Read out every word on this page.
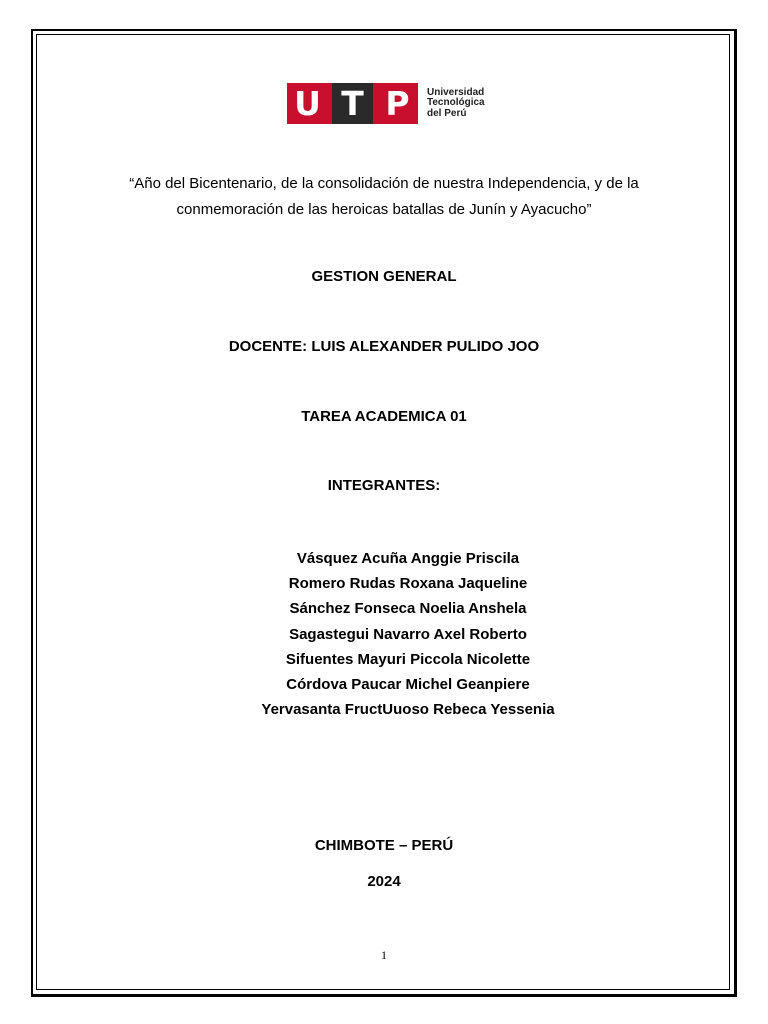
U T P	Universidad
Tecnológica
del Perú
“Año del Bicentenario, de la consolidación de nuestra Independencia, y de la
conmemoración de las heroicas batallas de Junín y Ayacucho”
GESTION GENERAL
DOCENTE: LUIS ALEXANDER PULIDO JOO
TAREA ACADEMICA 01
INTEGRANTES:
Vásquez Acuña Anggie Priscila
Romero Rudas Roxana Jaqueline
Sánchez Fonseca Noelia Anshela
Sagastegui Navarro Axel Roberto
Sifuentes Mayuri Piccola Nicolette
Córdova Paucar Michel Geanpiere
Yervasanta FructUuoso Rebeca Yessenia
CHIMBOTE – PERÚ
2024
1
